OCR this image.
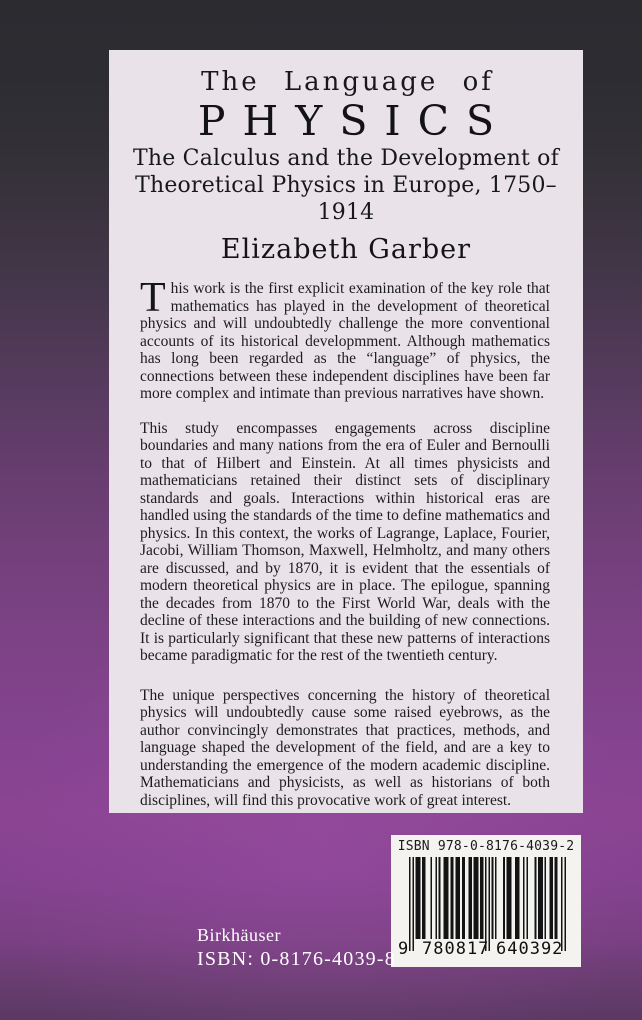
The Language of
PHYSICS
The Calculus and the Development of
Theoretical Physics in Europe, 1750–1914
Elizabeth Garber

This work is the first explicit examination of the key role that mathematics has played in the development of theoretical physics and will undoubtedly challenge the more conventional accounts of its historical developmment. Although mathematics has long been regarded as the “language” of physics, the connections between these independent disciplines have been far more complex and intimate than previous narratives have shown.

This study encompasses engagements across discipline boundaries and many nations from the era of Euler and Bernoulli to that of Hilbert and Einstein. At all times physicists and mathematicians retained their distinct sets of disciplinary standards and goals. Interactions within historical eras are handled using the standards of the time to define mathematics and physics. In this context, the works of Lagrange, Laplace, Fourier, Jacobi, William Thomson, Maxwell, Helmholtz, and many others are discussed, and by 1870, it is evident that the essentials of modern theoretical physics are in place. The epilogue, spanning the decades from 1870 to the First World War, deals with the decline of these interactions and the building of new connections. It is particularly significant that these new patterns of interactions became paradigmatic for the rest of the twentieth century.

The unique perspectives concerning the history of theoretical physics will undoubtedly cause some raised eyebrows, as the author convincingly demonstrates that practices, methods, and language shaped the development of the field, and are a key to understanding the emergence of the modern academic discipline. Mathematicians and physicists, as well as historians of both disciplines, will find this provocative work of great interest.

ISBN 978-0-8176-4039-2
9 780817 640392
Birkhäuser
ISBN: 0-8176-4039-8
